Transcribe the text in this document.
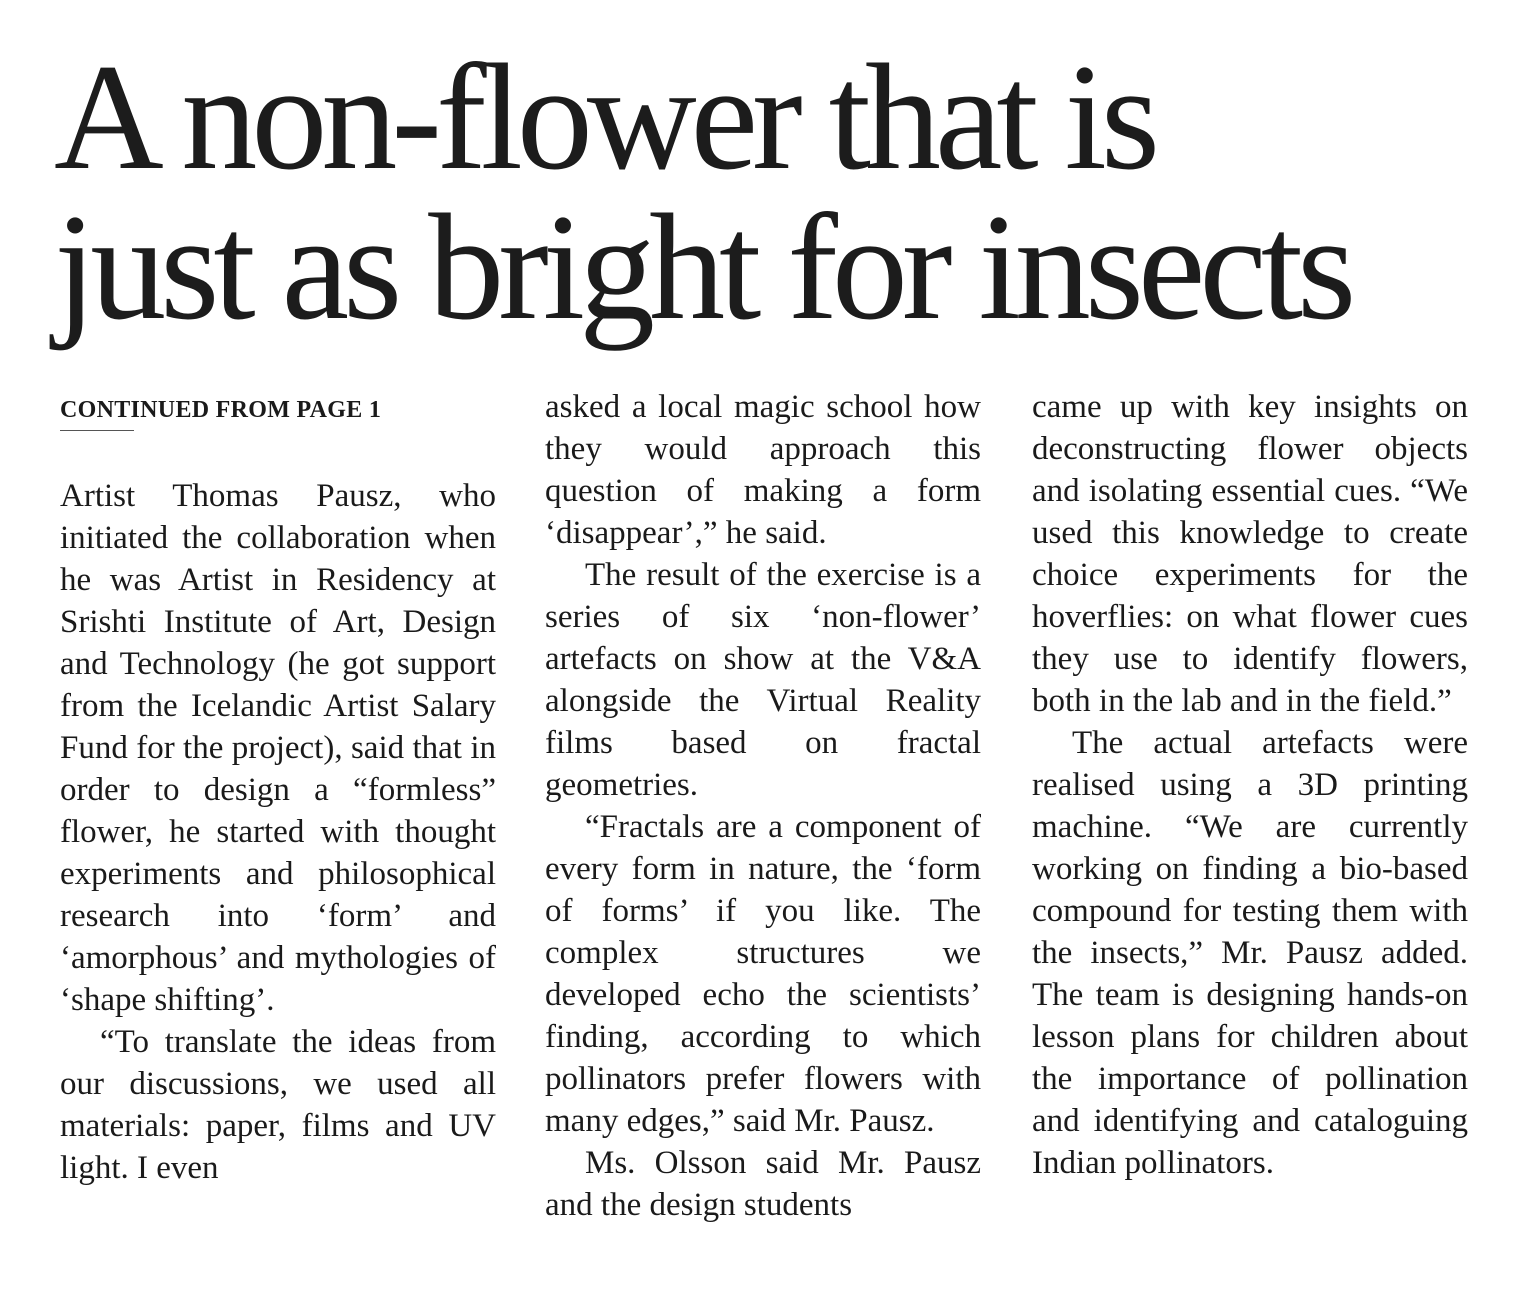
A non-flower that is
just as bright for insects
CONTINUED FROM PAGE 1

Artist Thomas Pausz, who initiated the collaboration when he was Artist in Residency at Srishti Institute of Art, Design and Technology (he got support from the Icelandic Artist Salary Fund for the project), said that in order to design a “formless” flower, he started with thought experiments and philosophical research into ‘form’ and ‘amorphous’ and mythologies of ‘shape shifting’.

“To translate the ideas from our discussions, we used all materials: paper, films and UV light. I even

asked a local magic school how they would approach this question of making a form ‘disappear’,” he said.

The result of the exercise is a series of six ‘non-flower’ artefacts on show at the V&A alongside the Virtual Reality films based on fractal geometries.

“Fractals are a component of every form in nature, the ‘form of forms’ if you like. The complex structures we developed echo the scientists’ finding, according to which pollinators prefer flowers with many edges,” said Mr. Pausz.

Ms. Olsson said Mr. Pausz and the design students

came up with key insights on deconstructing flower objects and isolating essential cues. “We used this knowledge to create choice experiments for the hoverflies: on what flower cues they use to identify flowers, both in the lab and in the field.”

The actual artefacts were realised using a 3D printing machine. “We are currently working on finding a bio-based compound for testing them with the insects,” Mr. Pausz added. The team is designing hands-on lesson plans for children about the importance of pollination and identifying and cataloguing Indian pollinators.
